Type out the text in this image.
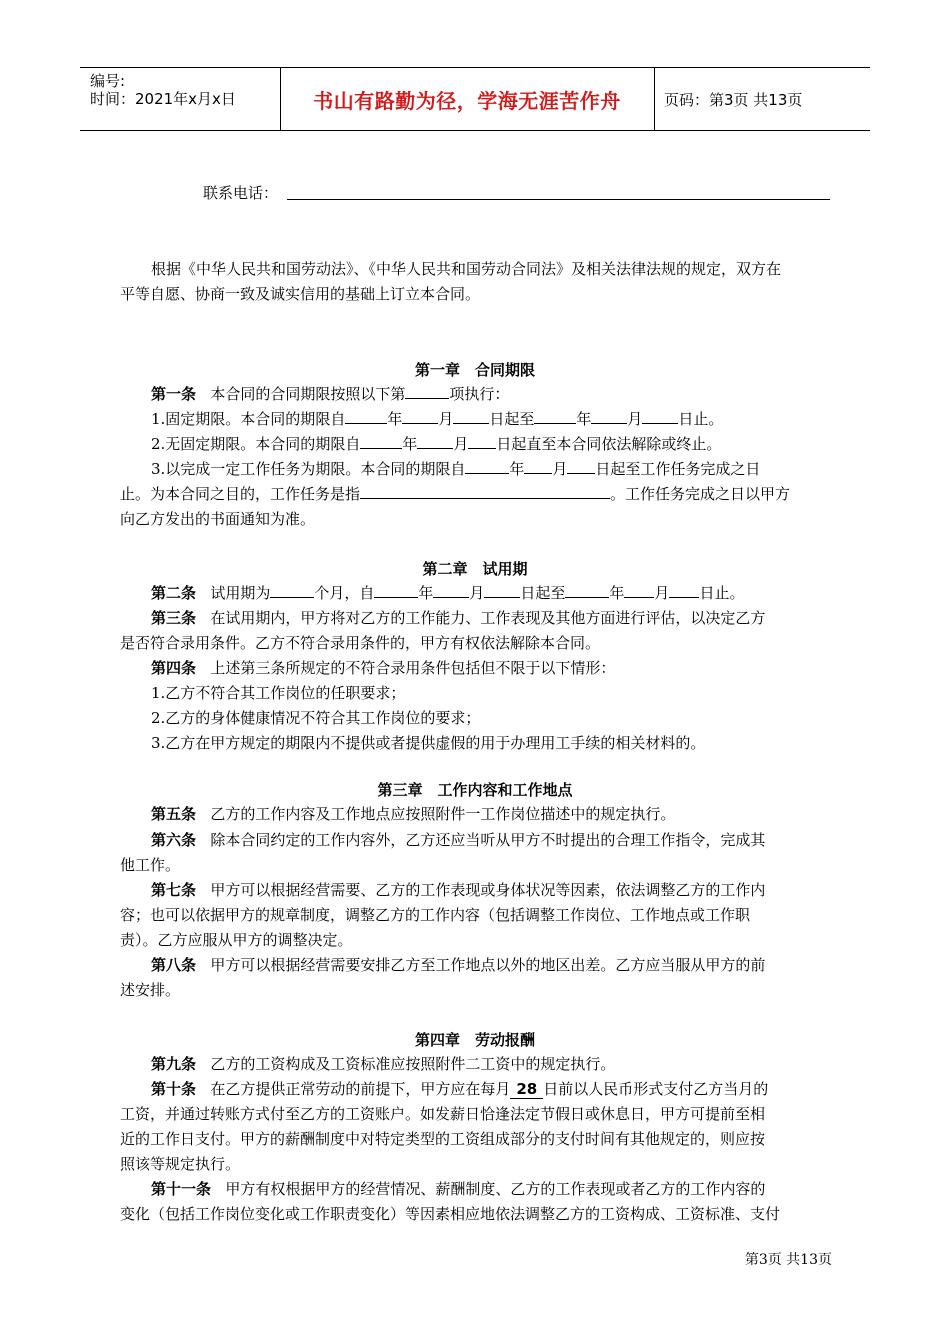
编号:
时间：2021年x月x日	书山有路勤为径，学海无涯苦作舟	页码：第3页 共13页
联系电话：
根据《中华人民共和国劳动法》、《中华人民共和国劳动合同法》及相关法律法规的规定，双方在
平等自愿、协商一致及诚实信用的基础上订立本合同。
第一章　合同期限
第一条 本合同的合同期限按照以下第	项执行：
1.固定期限。本合同的期限自	年 月 日起至	年 月 日止。
2.无固定期限。本合同的期限自	年 月 日起直至本合同依法解除或终止。
3.以完成一定工作任务为期限。本合同的期限自	年 月 日起至工作任务完成之日
止。为本合同之目的，工作任务是指	。工作任务完成之日以甲方
向乙方发出的书面通知为准。
第二章　试用期
第二条 试用期为	个月，自	年 月 日起至	年 月 日止。
第三条 在试用期内，甲方将对乙方的工作能力、工作表现及其他方面进行评估，以决定乙方
是否符合录用条件。乙方不符合录用条件的，甲方有权依法解除本合同。
第四条 上述第三条所规定的不符合录用条件包括但不限于以下情形：
1.乙方不符合其工作岗位的任职要求；
2.乙方的身体健康情况不符合其工作岗位的要求；
3.乙方在甲方规定的期限内不提供或者提供虚假的用于办理用工手续的相关材料的。
第三章　工作内容和工作地点
第五条 乙方的工作内容及工作地点应按照附件一工作岗位描述中的规定执行。
第六条 除本合同约定的工作内容外，乙方还应当听从甲方不时提出的合理工作指令，完成其
他工作。
第七条 甲方可以根据经营需要、乙方的工作表现或身体状况等因素，依法调整乙方的工作内
容；也可以依据甲方的规章制度，调整乙方的工作内容（包括调整工作岗位、工作地点或工作职
责）。乙方应服从甲方的调整决定。
第八条 甲方可以根据经营需要安排乙方至工作地点以外的地区出差。乙方应当服从甲方的前
述安排。
第四章　劳动报酬
第九条 乙方的工资构成及工资标准应按照附件二工资中的规定执行。
第十条 在乙方提供正常劳动的前提下，甲方应在每月 28 日前以人民币形式支付乙方当月的
工资，并通过转账方式付至乙方的工资账户。如发薪日恰逢法定节假日或休息日，甲方可提前至相
近的工作日支付。甲方的薪酬制度中对特定类型的工资组成部分的支付时间有其他规定的，则应按
照该等规定执行。
第十一条 甲方有权根据甲方的经营情况、薪酬制度、乙方的工作表现或者乙方的工作内容的
变化（包括工作岗位变化或工作职责变化）等因素相应地依法调整乙方的工资构成、工资标准、支付
第3页 共13页
